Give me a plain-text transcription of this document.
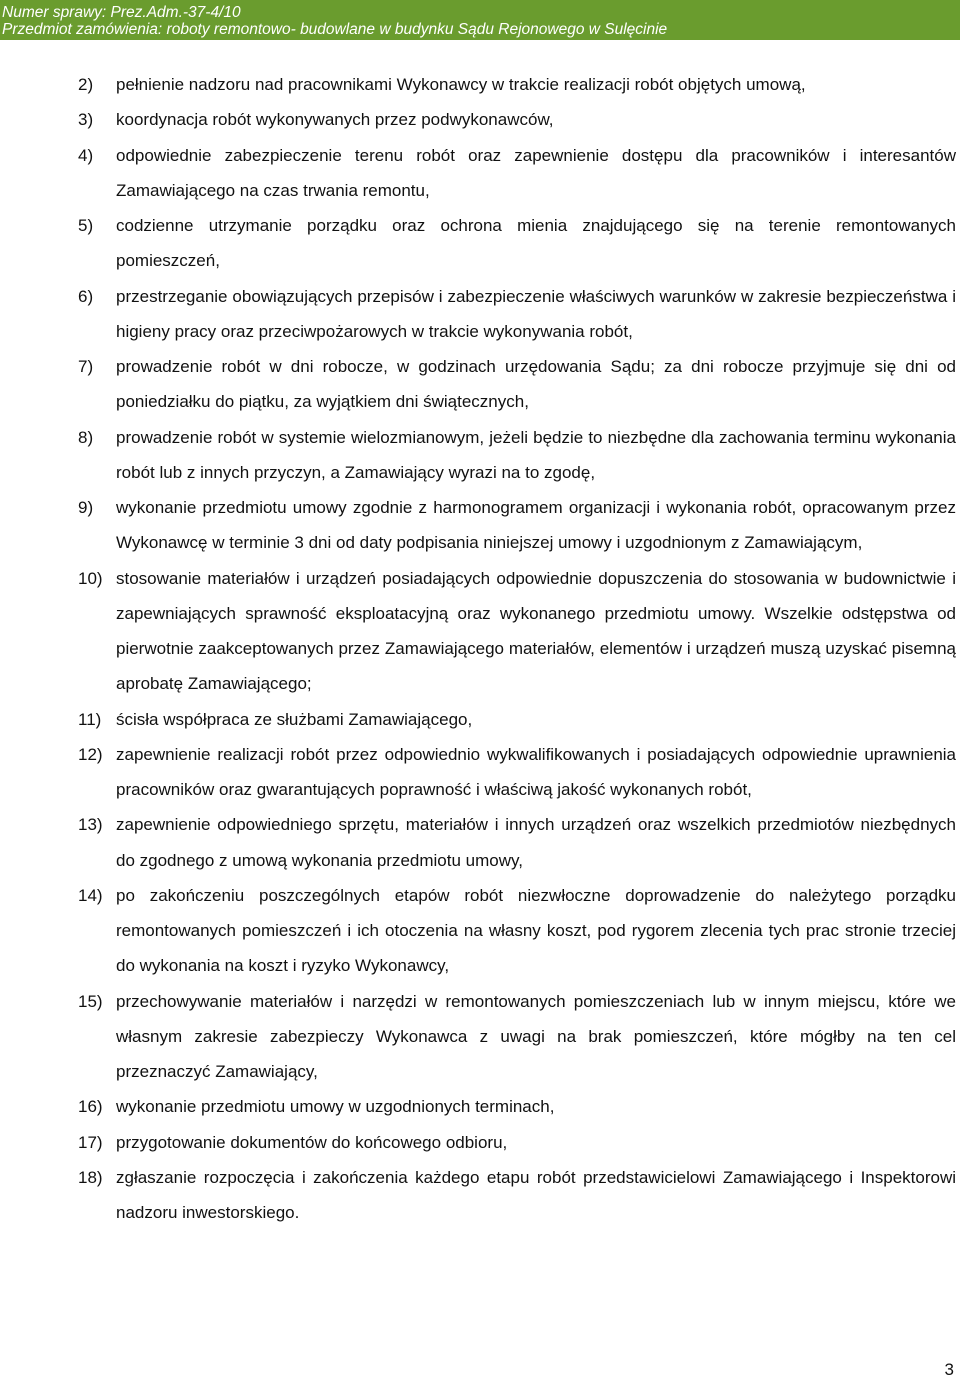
Numer sprawy: Prez.Adm.-37-4/10
Przedmiot zamówienia: roboty remontowo- budowlane w budynku Sądu Rejonowego w Sulęcinie
2)	pełnienie nadzoru nad pracownikami Wykonawcy w trakcie realizacji robót objętych umową,
3)	koordynacja robót wykonywanych przez podwykonawców,
4)	odpowiednie zabezpieczenie terenu robót oraz zapewnienie dostępu dla pracowników i interesantów Zamawiającego na czas trwania remontu,
5)	codzienne utrzymanie porządku oraz ochrona mienia znajdującego się na terenie remontowanych pomieszczeń,
6)	przestrzeganie obowiązujących przepisów i zabezpieczenie właściwych warunków w zakresie bezpieczeństwa i higieny pracy oraz przeciwpożarowych w trakcie wykonywania robót,
7)	prowadzenie robót w dni robocze, w godzinach urzędowania Sądu; za dni robocze przyjmuje się dni od poniedziałku do piątku, za wyjątkiem dni świątecznych,
8)	prowadzenie robót w systemie wielozmianowym, jeżeli będzie to niezbędne dla zachowania terminu wykonania robót lub z innych przyczyn, a Zamawiający wyrazi na to zgodę,
9)	wykonanie przedmiotu umowy zgodnie z harmonogramem organizacji i wykonania robót, opracowanym przez Wykonawcę w terminie 3 dni od daty podpisania niniejszej umowy i uzgodnionym z Zamawiającym,
10) stosowanie materiałów i urządzeń posiadających odpowiednie dopuszczenia do stosowania w budownictwie i zapewniających sprawność eksploatacyjną oraz wykonanego przedmiotu umowy. Wszelkie odstępstwa od pierwotnie zaakceptowanych przez Zamawiającego materiałów, elementów i urządzeń muszą uzyskać pisemną aprobatę Zamawiającego;
11) ścisła współpraca ze służbami Zamawiającego,
12) zapewnienie realizacji robót przez odpowiednio wykwalifikowanych i posiadających odpowiednie uprawnienia pracowników oraz gwarantujących poprawność i właściwą jakość wykonanych robót,
13) zapewnienie odpowiedniego sprzętu, materiałów i innych urządzeń oraz wszelkich przedmiotów niezbędnych do zgodnego z umową wykonania przedmiotu umowy,
14) po zakończeniu poszczególnych etapów robót niezwłoczne doprowadzenie do należytego porządku remontowanych pomieszczeń i ich otoczenia na własny koszt, pod rygorem zlecenia tych prac stronie trzeciej do wykonania na koszt i ryzyko Wykonawcy,
15) przechowywanie materiałów i narzędzi w remontowanych pomieszczeniach lub w innym miejscu, które we własnym zakresie zabezpieczy Wykonawca z uwagi na brak pomieszczeń, które mógłby na ten cel przeznaczyć Zamawiający,
16) wykonanie przedmiotu umowy w uzgodnionych terminach,
17) przygotowanie dokumentów do końcowego odbioru,
18) zgłaszanie rozpoczęcia i zakończenia każdego etapu robót przedstawicielowi Zamawiającego i Inspektorowi nadzoru inwestorskiego.
3
